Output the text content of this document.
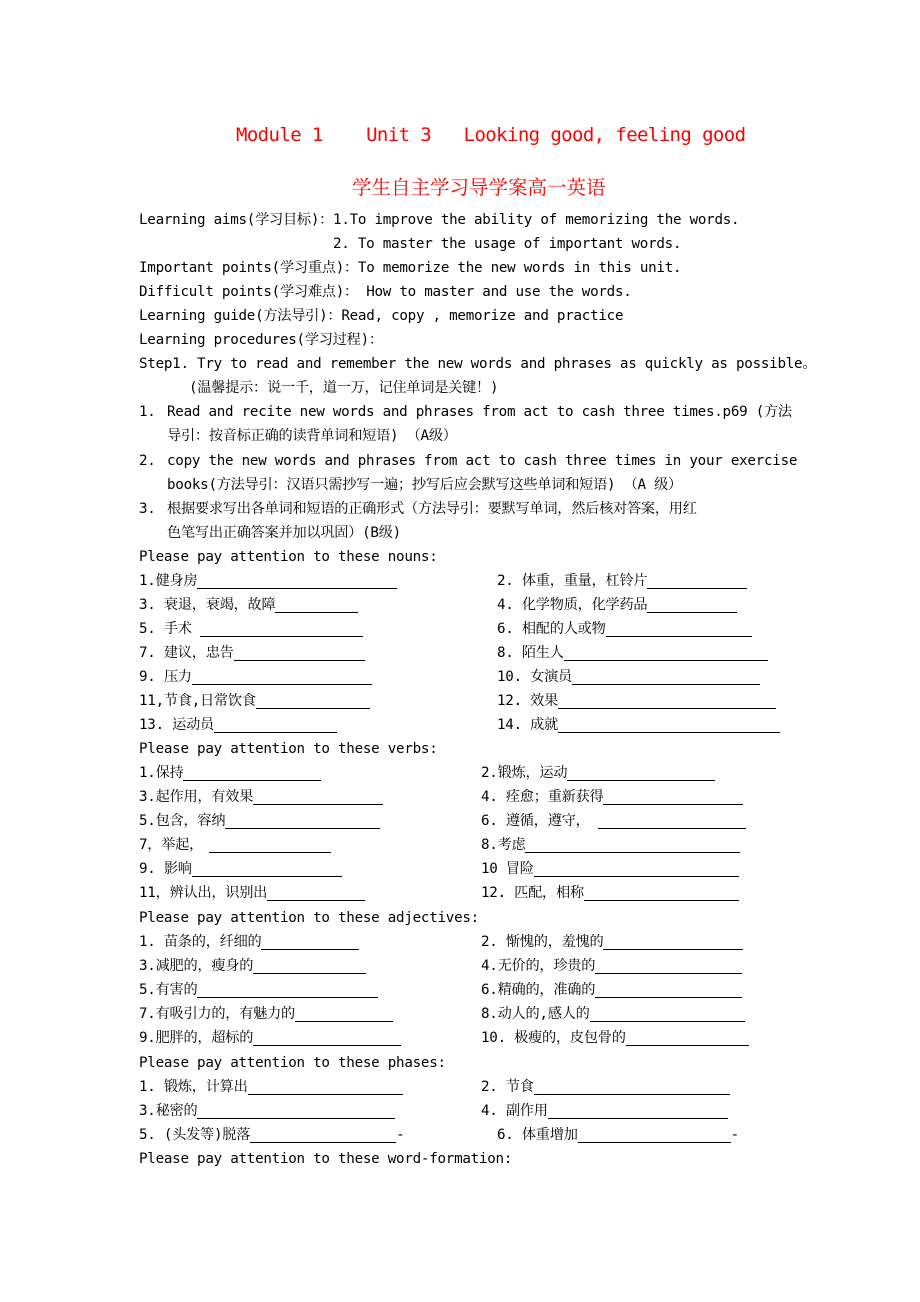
Module 1    Unit 3   Looking good, feeling good
学生自主学习导学案高一英语
Learning aims(学习目标)：1.To improve the ability of memorizing the words.
2. To master the usage of important words.
Important points(学习重点)：To memorize the new words in this unit.
Difficult points(学习难点)： How to master and use the words.
Learning guide(方法导引)：Read, copy , memorize and practice
Learning procedures(学习过程)：
Step1. Try to read and remember the new words and phrases as quickly as possible。
(温馨提示：说一千，道一万，记住单词是关键！)
1. Read and recite new words and phrases from act to cash three times.p69 (方法
导引：按音标正确的读背单词和短语) （A级）
2. copy the new words and phrases from act to cash three times in your exercise
books(方法导引：汉语只需抄写一遍；抄写后应会默写这些单词和短语) （A 级）
3. 根据要求写出各单词和短语的正确形式（方法导引：要默写单词，然后核对答案，用红
色笔写出正确答案并加以巩固）(B级)
Please pay attention to these nouns:
1.健身房	2. 体重，重量，杠铃片
3. 衰退，衰竭，故障	4. 化学物质，化学药品
5. 手术	6. 相配的人或物
7. 建议，忠告	8. 陌生人
9. 压力	10. 女演员
11,节食,日常饮食	12. 效果
13. 运动员	14. 成就
Please pay attention to these verbs:
1.保持	2.锻炼，运动
3.起作用，有效果	4. 痊愈；重新获得
5.包含，容纳	6. 遵循，遵守，
7，举起，	8.考虑
9. 影响	10 冒险
11，辨认出，识别出	12. 匹配，相称
Please pay attention to these adjectives:
1. 苗条的，纤细的	2. 惭愧的，羞愧的
3.减肥的，瘦身的	4.无价的，珍贵的
5.有害的	6.精确的，准确的
7.有吸引力的，有魅力的	8.动人的,感人的
9.肥胖的，超标的	10. 极瘦的，皮包骨的
Please pay attention to these phases:
1. 锻炼，计算出	2. 节食
3.秘密的	4. 副作用
5. (头发等)脱落	-	6. 体重增加	-
Please pay attention to these word-formation:
